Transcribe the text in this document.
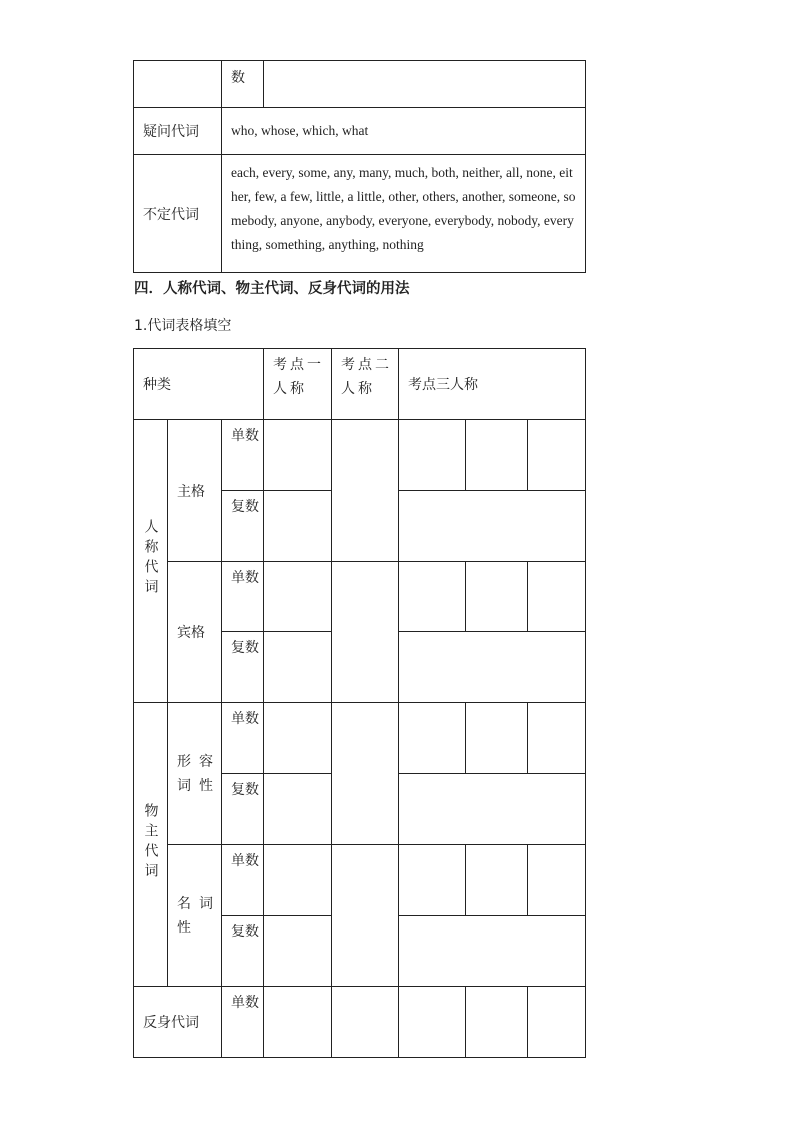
	数	
疑问代词	who, whose, which, what	
不定代词	each, every, some, any, many, much, both, neither, all, none, either, few, a few, little, a little, other, others, another, someone, somebody, anyone, anybody, everyone, everybody, nobody, everything, something, anything, nothing	
四．人称代词、物主代词、反身代词的用法
1.代词表格填空
种类			考点一人称	考点二人称	考点三人称		
人称代词	主格	单数					
		复数					
	宾格	单数					
		复数					
物主代词	形容词性	单数					
		复数					
	名词性	单数					
		复数					
反身代词		单数					
